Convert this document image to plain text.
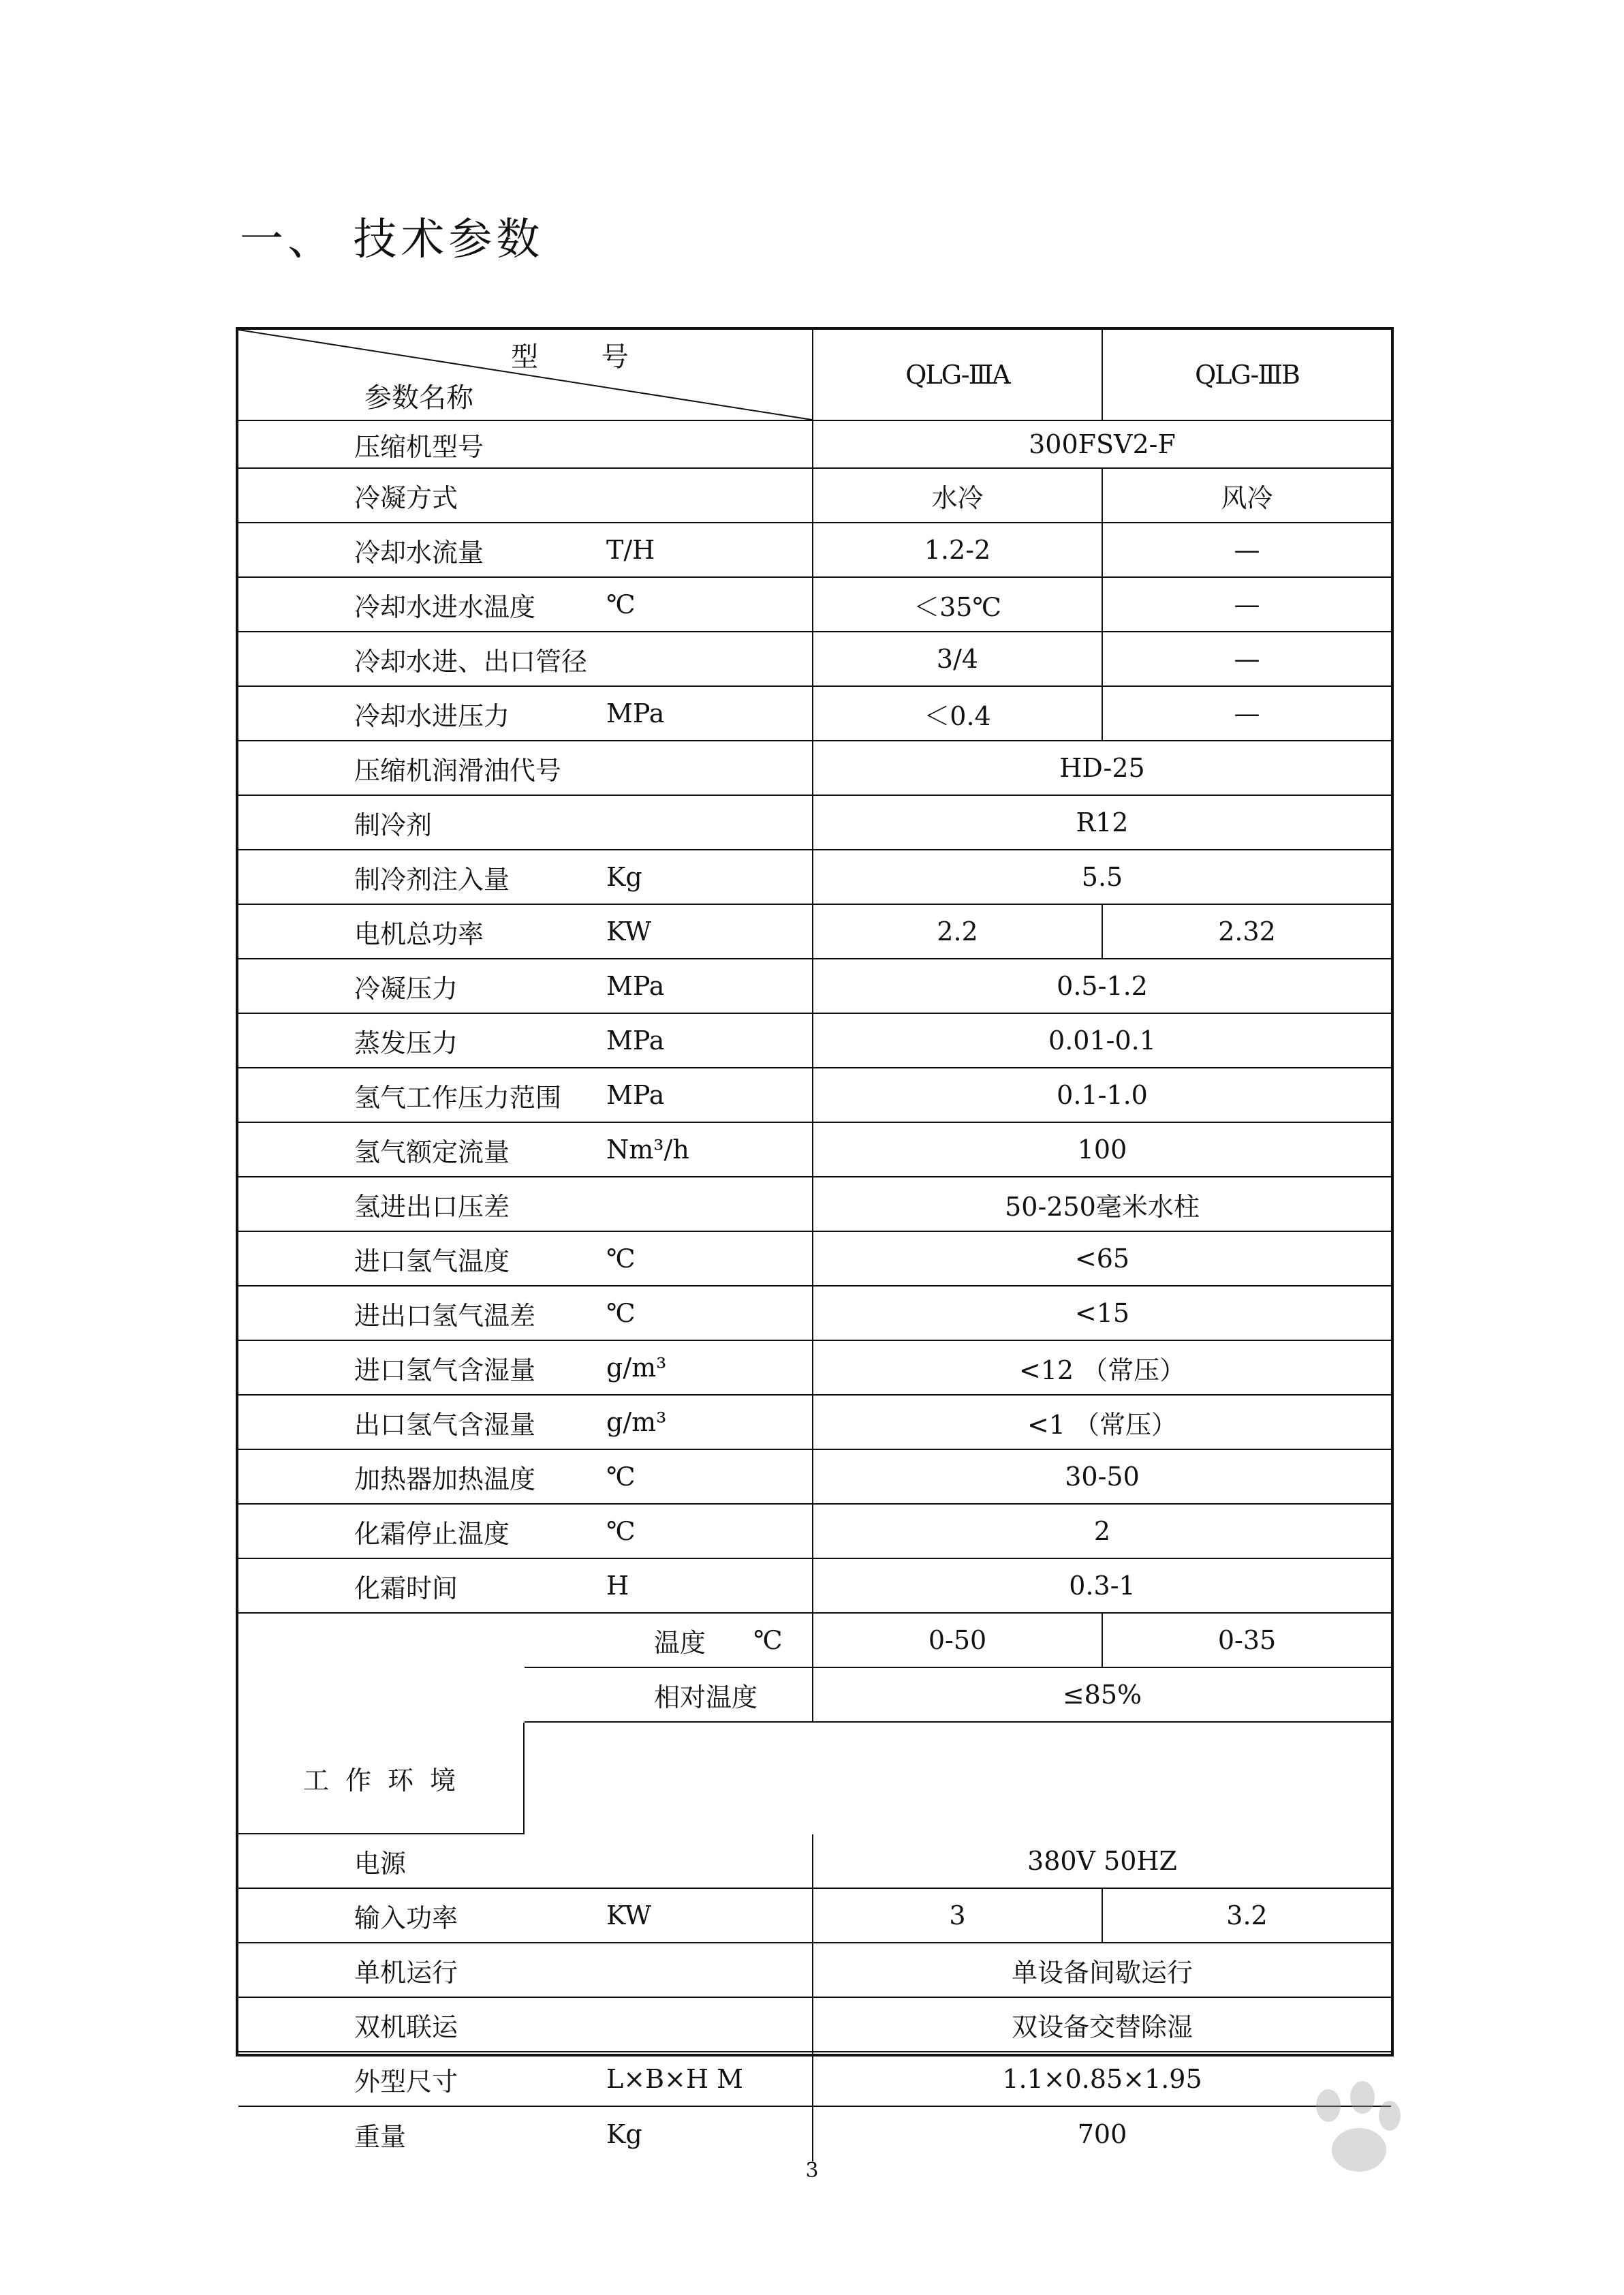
一、 技术参数
型 号
参数名称
QLG-ⅢA	QLG-ⅢB
压缩机型号	300FSV2-F
冷凝方式	水冷	风冷
冷却水流量	T/H	1.2-2	—
冷却水进水温度	℃	＜35℃	—
冷却水进、出口管径	3/4	—
冷却水进压力	MPa	＜0.4	—
压缩机润滑油代号	HD-25
制冷剂	R12
制冷剂注入量	Kg	5.5
电机总功率	KW	2.2	2.32
冷凝压力	MPa	0.5-1.2
蒸发压力	MPa	0.01-0.1
氢气工作压力范围	MPa	0.1-1.0
氢气额定流量	Nm³/h	100
氢进出口压差	50-250毫米水柱
进口氢气温度	℃	<65
进出口氢气温差	℃	<15
进口氢气含湿量	g/m³	<12 （常压）
出口氢气含湿量	g/m³	<1 （常压）
加热器加热温度	℃	30-50
化霜停止温度	℃	2
化霜时间	H	0.3-1
工作环境
温度 ℃	0-50	0-35
相对温度	≤85%
电源	380V 50HZ
输入功率	KW	3	3.2
单机运行	单设备间歇运行
双机联运	双设备交替除湿
外型尺寸	L×B×H M	1.1×0.85×1.95
重量	Kg	700
3
